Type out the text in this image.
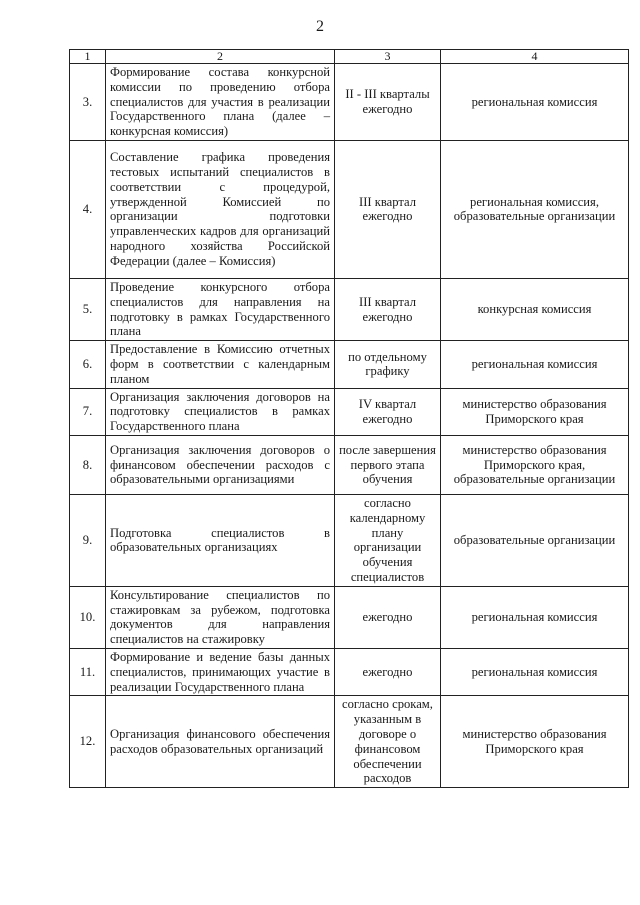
2
1	2	3	4
3.	Формирование состава конкурсной комиссии по проведению отбора специалистов для участия в реализации Государственного плана (далее – конкурсная комиссия)	II - III кварталы ежегодно	региональная комиссия
4.	Составление графика проведения тестовых испытаний специалистов в соответствии с процедурой, утвержденной Комиссией по организации подготовки управленческих кадров для организаций народного хозяйства Российской Федерации (далее – Комиссия)	III квартал ежегодно	региональная комиссия, образовательные организации
5.	Проведение конкурсного отбора специалистов для направления на подготовку в рамках Государственного плана	III квартал ежегодно	конкурсная комиссия
6.	Предоставление в Комиссию отчетных форм в соответствии с календарным планом	по отдельному графику	региональная комиссия
7.	Организация заключения договоров на подготовку специалистов в рамках Государственного плана	IV квартал ежегодно	министерство образования Приморского края
8.	Организация заключения договоров о финансовом обеспечении расходов с образовательными организациями	после завершения первого этапа обучения	министерство образования Приморского края, образовательные организации
9.	Подготовка специалистов в образовательных организациях	согласно календарному плану организации обучения специалистов	образовательные организации
10.	Консультирование специалистов по стажировкам за рубежом, подготовка документов для направления специалистов на стажировку	ежегодно	региональная комиссия
11.	Формирование и ведение базы данных специалистов, принимающих участие в реализации Государственного плана	ежегодно	региональная комиссия
12.	Организация финансового обеспечения расходов образовательных организаций	согласно срокам, указанным в договоре о финансовом обеспечении расходов	министерство образования Приморского края
